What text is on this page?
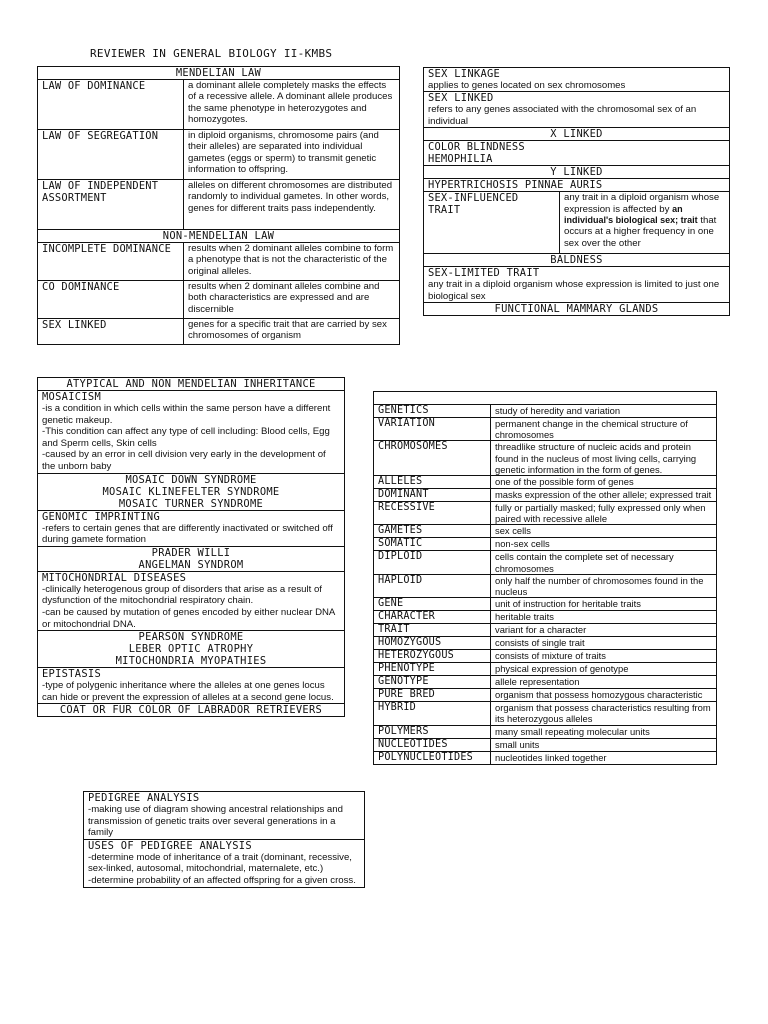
REVIEWER IN GENERAL BIOLOGY II-KMBS
MENDELIAN LAW	
LAW OF DOMINANCE	a dominant allele completely masks the effects of a recessive allele. A dominant allele produces the same phenotype in heterozygotes and homozygotes.
LAW OF SEGREGATION	in diploid organisms, chromosome pairs (and their alleles) are separated into individual gametes (eggs or sperm) to transmit genetic information to offspring.
LAW OF INDEPENDENT ASSORTMENT	alleles on different chromosomes are distributed randomly to individual gametes. In other words, genes for different traits pass independently.
NON-MENDELIAN LAW	
INCOMPLETE DOMINANCE	results when 2 dominant alleles combine to form a phenotype that is not the characteristic of the original alleles.
CO DOMINANCE	results when 2 dominant alleles combine and both characteristics are expressed and are discernible
SEX LINKED	genes for a specific trait that are carried by sex chromosomes of organism
SEX LINKAGE
applies to genes located on sex chromosomes

SEX LINKED
refers to any genes associated with the chromosomal sex of an individual

X LINKED

COLOR BLINDNESS
HEMOPHILIA

Y LINKED
HYPERTRICHOSIS PINNAE AURIS
SEX-INFLUENCED TRAIT	any trait in a diploid organism whose expression is affected by an individual's biological sex; trait that occurs at a higher frequency in one sex over the other
BALDNESS

SEX-LIMITED TRAIT
any trait in a diploid organism whose expression is limited to just one biological sex

FUNCTIONAL MAMMARY GLANDS
ATYPICAL AND NON MENDELIAN INHERITANCE
MOSAICISM
-is a condition in which cells within the same person have a different genetic makeup.
-This condition can affect any type of cell including: Blood cells, Egg and Sperm cells, Skin cells
-caused by an error in cell division very early in the development of the unborn baby
MOSAIC DOWN SYNDROME
MOSAIC KLINEFELTER SYNDROME
MOSAIC TURNER SYNDROME
GENOMIC IMPRINTING
-refers to certain genes that are differently inactivated or switched off during gamete formation
PRADER WILLI
ANGELMAN SYNDROM
MITOCHONDRIAL DISEASES
-clinically heterogenous group of disorders that arise as a result of dysfunction of the mitochondrial respiratory chain.
-can be caused by mutation of genes encoded by either nuclear DNA or mitochondrial DNA.
PEARSON SYNDROME
LEBER OPTIC ATROPHY
MITOCHONDRIA MYOPATHIES
EPISTASIS
-type of polygenic inheritance where the alleles at one genes locus can hide or prevent the expression of alleles at a second gene locus.
COAT OR FUR COLOR OF LABRADOR RETRIEVERS
PEDIGREE ANALYSIS
-making use of diagram showing ancestral relationships and transmission of genetic traits over several generations in a family
USES OF PEDIGREE ANALYSIS
-determine mode of inheritance of a trait (dominant, recessive, sex-linked, autosomal, mitochondrial, maternalete, etc.)
-determine probability of an affected offspring for a given cross.

GENETICS	study of heredity and variation
VARIATION	permanent change in the chemical structure of chromosomes
CHROMOSOMES	threadlike structure of nucleic acids and protein found in the nucleus of most living cells, carrying genetic information in the form of genes.
ALLELES	one of the possible form of genes
DOMINANT	masks expression of the other allele; expressed trait
RECESSIVE	fully or partially masked; fully expressed only when paired with recessive allele
GAMETES	sex cells
SOMATIC	non-sex cells
DIPLOID	cells contain the complete set of necessary chromosomes
HAPLOID	only half the number of chromosomes found in the nucleus
GENE	unit of instruction for heritable traits
CHARACTER	heritable traits
TRAIT	variant for a character
HOMOZYGOUS	consists of single trait
HETEROZYGOUS	consists of mixture of traits
PHENOTYPE	physical expression of genotype
GENOTYPE	allele representation
PURE BRED	organism that possess homozygous characteristic
HYBRID	organism that possess characteristics resulting from its heterozygous alleles
POLYMERS	many small repeating molecular units
NUCLEOTIDES	small units
POLYNUCLEOTIDES	nucleotides linked together
